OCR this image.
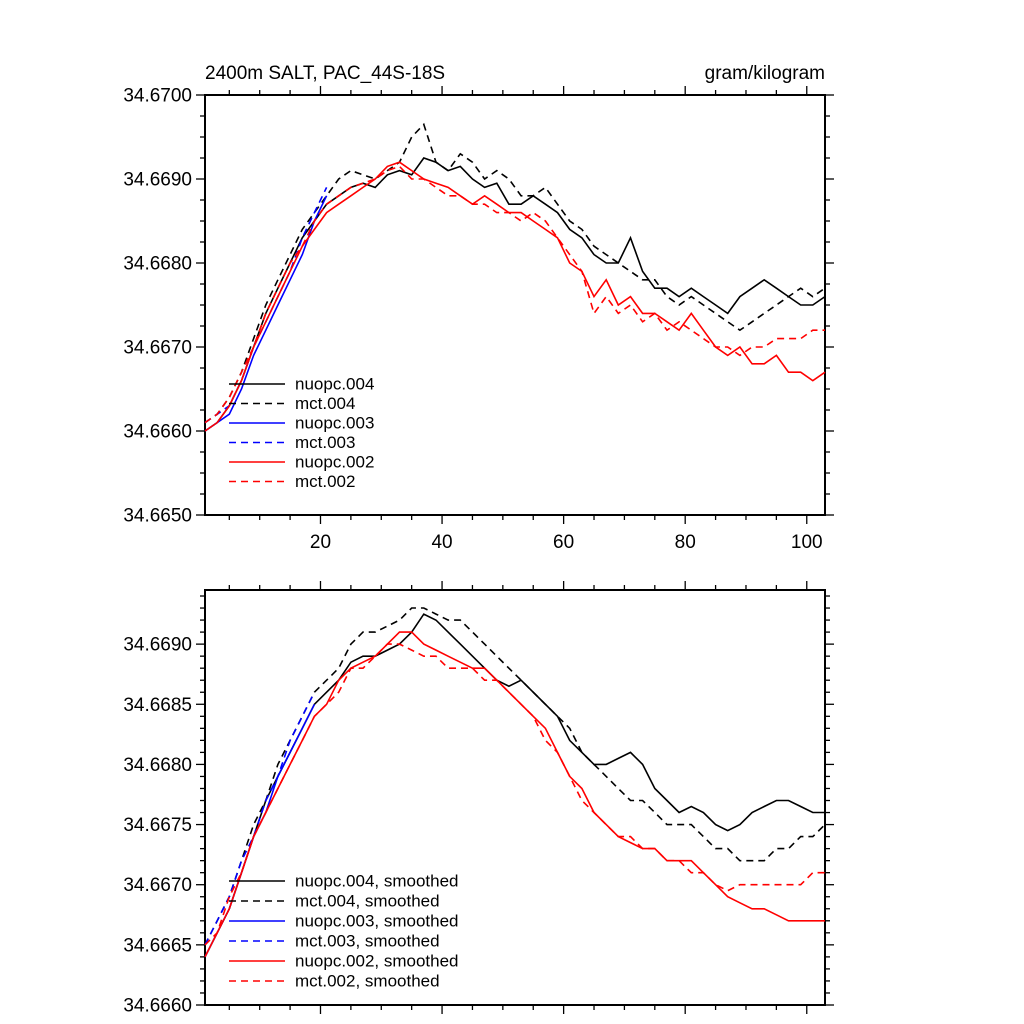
2400m SALT, PAC_44S-18S	gram/kilogram
20	40	60	80	100
34.6650
34.6660
34.6670
34.6680
34.6690
34.6700
nuopc.004
mct.004
nuopc.003
mct.003
nuopc.002
mct.002
34.6660
34.6665
34.6670
34.6675
34.6680
34.6685
34.6690
nuopc.004, smoothed
mct.004, smoothed
nuopc.003, smoothed
mct.003, smoothed
nuopc.002, smoothed
mct.002, smoothed
